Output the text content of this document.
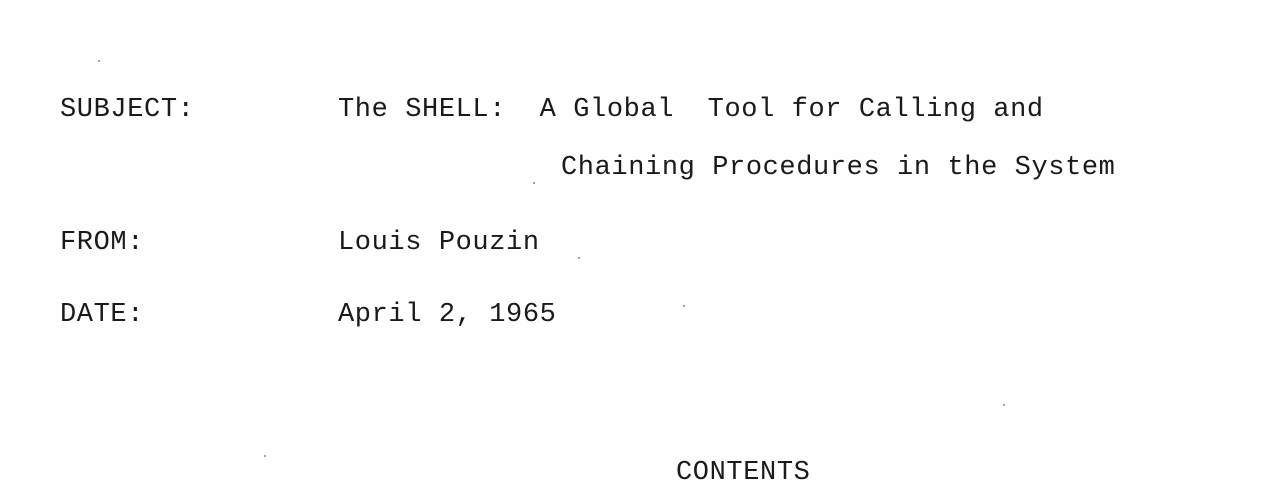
SUBJECT:	The SHELL:  A Global  Tool for Calling and
Chaining Procedures in the System
FROM:	Louis Pouzin
DATE:	April 2, 1965
CONTENTS
